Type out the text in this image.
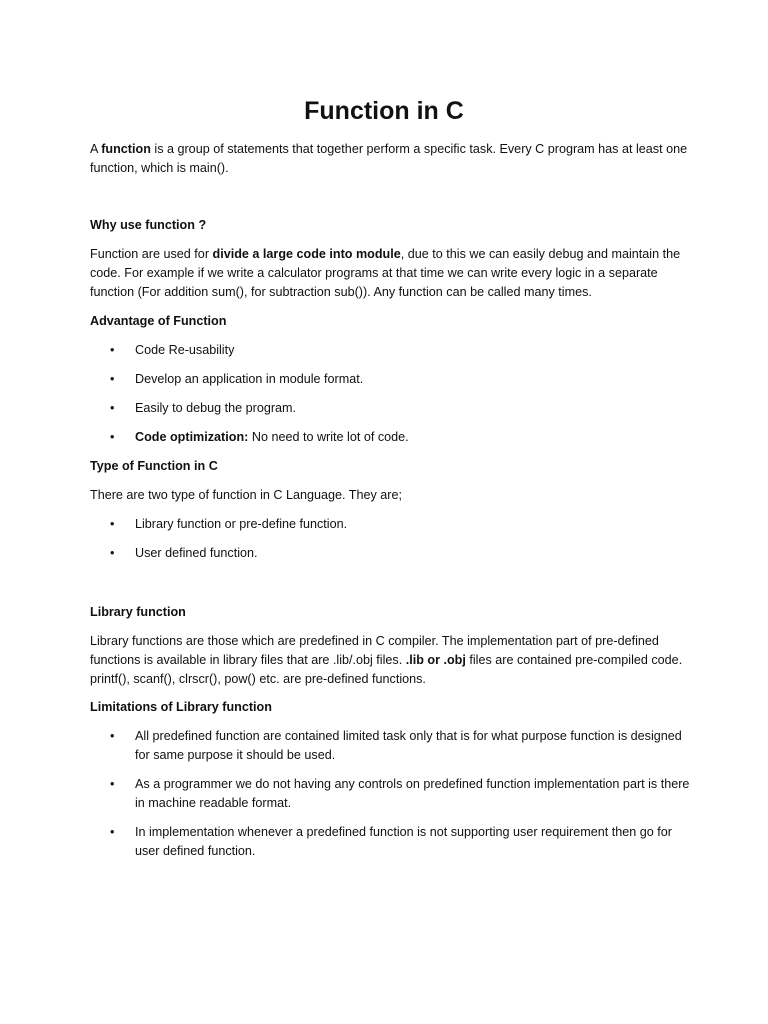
Function in C

A function is a group of statements that together perform a specific task. Every C program has at least one function, which is main().

Why use function ?

Function are used for divide a large code into module, due to this we can easily debug and maintain the code. For example if we write a calculator programs at that time we can write every logic in a separate function (For addition sum(), for subtraction sub()). Any function can be called many times.

Advantage of Function

•	Code Re-usability
•	Develop an application in module format.
•	Easily to debug the program.
•	Code optimization: No need to write lot of code.

Type of Function in C

There are two type of function in C Language. They are;

•	Library function or pre-define function.
•	User defined function.

Library function

Library functions are those which are predefined in C compiler. The implementation part of pre-defined functions is available in library files that are .lib/.obj files. .lib or .obj files are contained pre-compiled code. printf(), scanf(), clrscr(), pow() etc. are pre-defined functions.

Limitations of Library function

•	All predefined function are contained limited task only that is for what purpose function is designed for same purpose it should be used.
•	As a programmer we do not having any controls on predefined function implementation part is there in machine readable format.
•	In implementation whenever a predefined function is not supporting user requirement then go for user defined function.
